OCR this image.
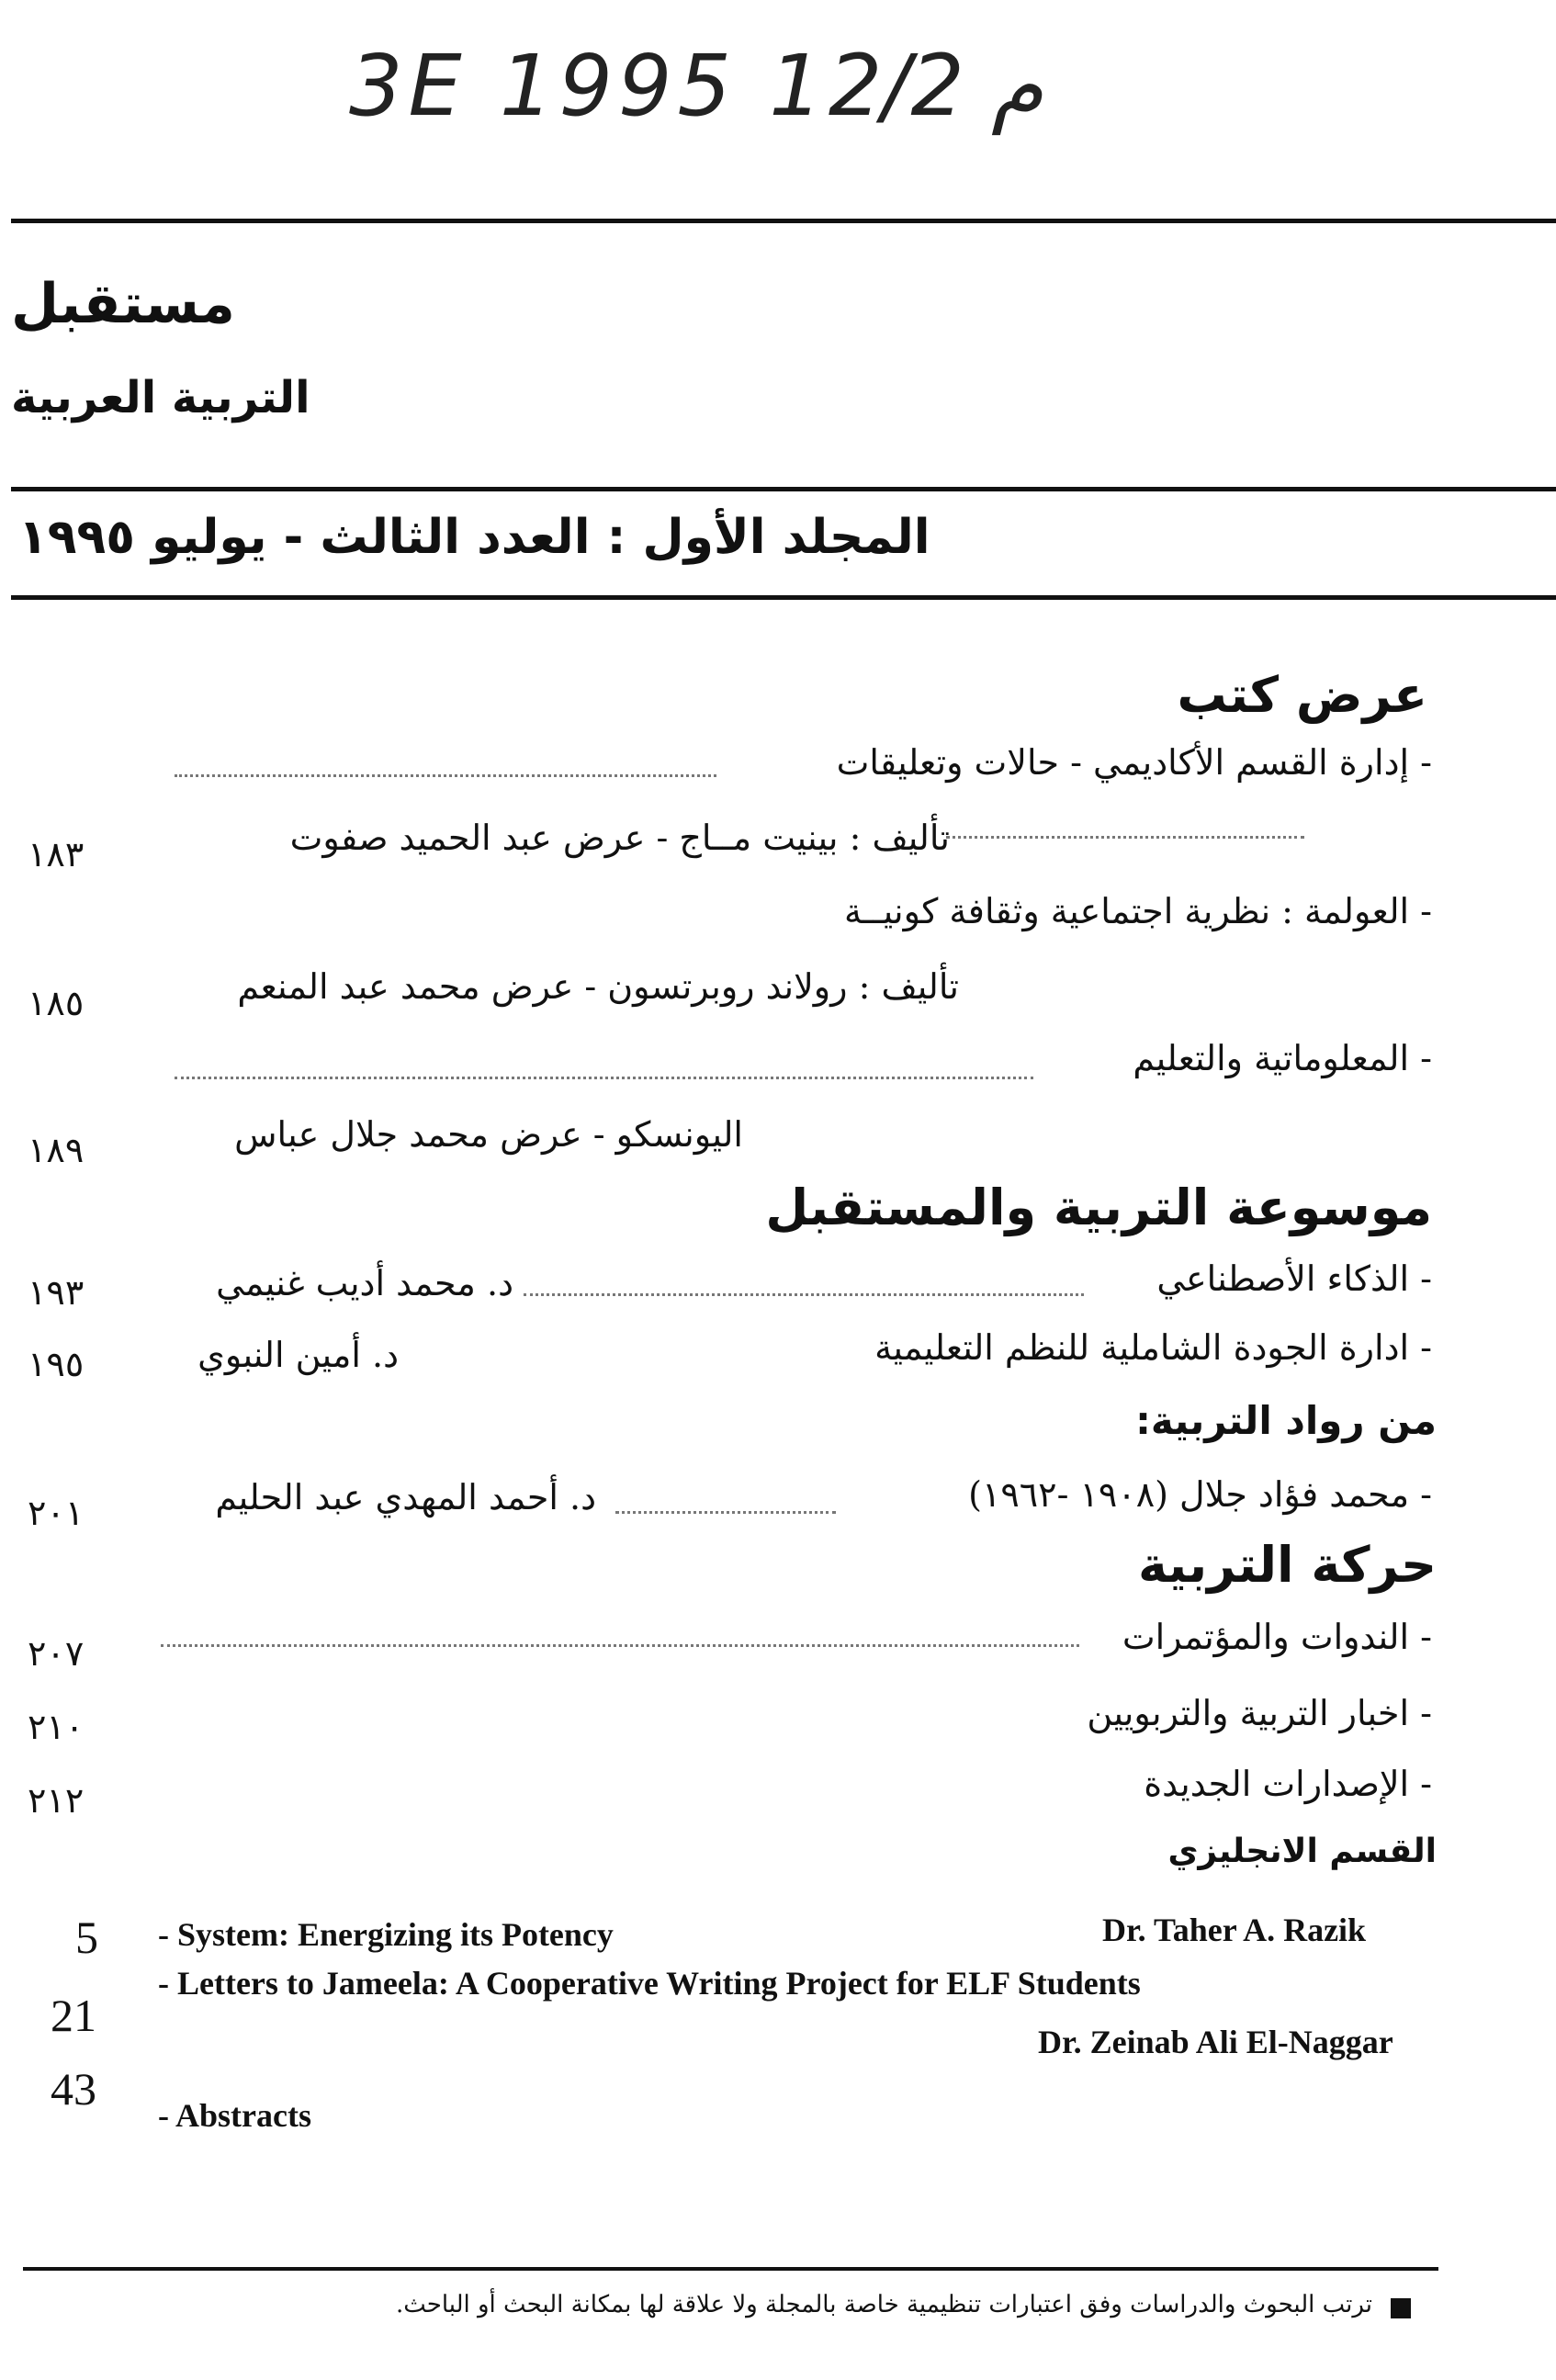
3E 1995 1م 2/2
مستقبل
التربية العربية
المجلد الأول : العدد الثالث - يوليو ١٩٩٥
عرض كتب
- إدارة القسم الأكاديمي - حالات وتعليقات
تأليف : بينيت مــاج - عرض عبد الحميد صفوت
١٨٣
- العولمة : نظرية اجتماعية وثقافة كونيــة
تأليف : رولاند روبرتسون - عرض محمد عبد المنعم
١٨٥
- المعلوماتية والتعليم
اليونسكو - عرض محمد جلال عباس
١٨٩
موسوعة التربية والمستقبل
- الذكاء الأصطناعي
د. محمد أديب غنيمي
١٩٣
- ادارة الجودة الشاملية للنظم التعليمية
د. أمين النبوي
١٩٥
من رواد التربية:
- محمد فؤاد جلال (١٩٠٨ -١٩٦٢)
د. أحمد المهدي عبد الحليم
٢٠١
حركة التربية
- الندوات والمؤتمرات
٢٠٧
- اخبار التربية والتربويين
٢١٠
- الإصدارات الجديدة
٢١٢
القسم الانجليزي
5 - System: Energizing its Potency	Dr. Taher A. Razik
21
- Letters to Jameela: A Cooperative Writing Project for ELF Students
Dr. Zeinab Ali El-Naggar
43
- Abstracts
ترتب البحوث والدراسات وفق اعتبارات تنظيمية خاصة بالمجلة ولا علاقة لها بمكانة البحث أو الباحث.
